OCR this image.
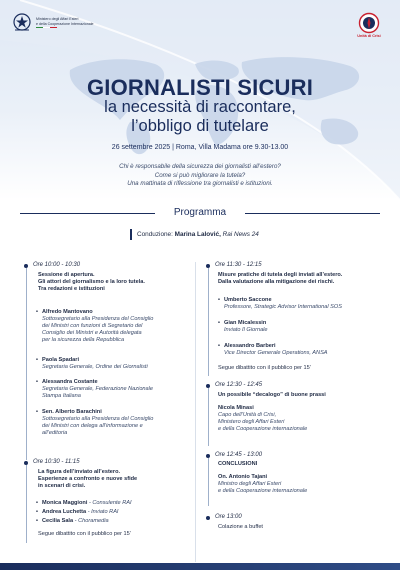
Ministero degli Affari Esteri
e della Cooperazione Internazionale
Unità di Crisi
GIORNALISTI SICURI
la necessità di raccontare,
l’obbligo di tutelare
26 settembre 2025 | Roma, Villa Madama ore 9.30-13.00
Chi è responsabile della sicurezza dei giornalisti all’estero?
Come si può migliorare la tutela?
Una mattinata di riflessione tra giornalisti e istituzioni.
Programma
Conduzione: Marina Lalović, Rai News 24
Ore 10:00 - 10:30
Sessione di apertura.
Gli attori del giornalismo e la loro tutela.
Tra redazioni e istituzioni
• Alfredo Mantovano
Sottosegretario alla Presidenza del Consiglio
dei Ministri con funzioni di Segretario del
Consiglio dei Ministri e Autorità delegata
per la sicurezza della Repubblica
• Paola Spadari
Segretaria Generale, Ordine dei Giornalisti
• Alessandra Costante
Segretaria Generale, Federazione Nazionale
Stampa Italiana
• Sen. Alberto Barachini
Sottosegretario alla Presidenza del Consiglio
dei Ministri con delega all’informazione e
all’editoria
Ore 10:30 - 11:15
La figura dell’inviato all’estero.
Esperienze a confronto e nuove sfide
in scenari di crisi.
• Monica Maggioni - Consulente RAI
• Andrea Luchetta - Inviato RAI
• Cecilia Sala - Choramedia
Segue dibattito con il pubblico per 15’
Ore 11:30 - 12:15
Misure pratiche di tutela degli inviati all’estero.
Dalla valutazione alla mitigazione dei rischi.
• Umberto Saccone
Professore, Strategic Advisor International SOS
• Gian Micalessin
Inviato Il Giornale
• Alessandro Barberi
Vice Director Generale Operations, ANSA
Segue dibattito con il pubblico per 15’
Ore 12:30 - 12:45
Un possibile “decalogo” di buone prassi
Nicola Minasi
Capo dell’Unità di Crisi,
Ministero degli Affari Esteri
e della Cooperazione internazionale
Ore 12:45 - 13:00
CONCLUSIONI
On. Antonio Tajani
Ministro degli Affari Esteri
e della Cooperazione internazionale
Ore 13:00
Colazione a buffet
